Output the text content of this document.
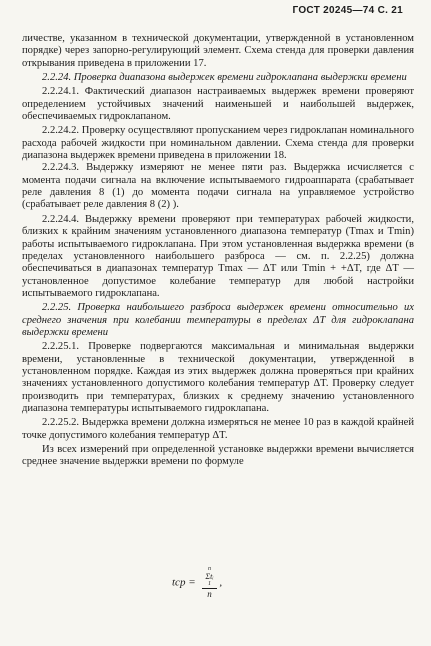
ГОСТ 20245—74 С. 21

личестве, указанном в технической документации, утвержденной в установленном порядке) через запорно-регулирующий элемент. Схема стенда для проверки давления открывания приведена в приложении 17.

2.2.24. Проверка диапазона выдержек времени гидроклапана выдержки времени

2.2.24.1. Фактический диапазон настраиваемых выдержек времени проверяют определением устойчивых значений наименьшей и наибольшей выдержек, обеспечиваемых гидроклапаном.

2.2.24.2. Проверку осуществляют пропусканием через гидроклапан номинального расхода рабочей жидкости при номинальном давлении. Схема стенда для проверки диапазона выдержек времени приведена в приложении 18.

2.2.24.3. Выдержку измеряют не менее пяти раз. Выдержка исчисляется с момента подачи сигнала на включение испытываемого гидроаппарата (срабатывает реле давления 8 (1) до момента подачи сигнала на управляемое устройство (срабатывает реле давления 8 (2) ).

2.2.24.4. Выдержку времени проверяют при температурах рабочей жидкости, близких к крайним значениям установленного диапазона температур (Tmax и Tmin) работы испытываемого гидроклапана. При этом установленная выдержка времени (в пределах установленного наибольшего разброса — см. п. 2.2.25) должна обеспечиваться в диапазонах температур Tmax — ΔT или Tmin + +ΔT, где ΔT — установленное допустимое колебание температур для любой настройки испытываемого гидроклапана.

2.2.25. Проверка наибольшего разброса выдержек времени относительно их среднего значения при колебании температуры в пределах ΔT для гидроклапана выдержки времени

2.2.25.1. Проверке подвергаются максимальная и минимальная выдержки времени, установленные в технической документации, утвержденной в установленном порядке. Каждая из этих выдержек должна проверяться при крайних значениях установленного допустимого колебания температур ΔT. Проверку следует производить при температурах, близких к среднему значению установленного диапазона температуры испытываемого гидроклапана.

2.2.25.2. Выдержка времени должна измеряться не менее 10 раз в каждой крайней точке допустимого колебания температур ΔT.

Из всех измерений при определенной установке выдержки времени вычисляется среднее значение выдержки времени по формуле

tср =
n
Σtᵢ
1
n
,
